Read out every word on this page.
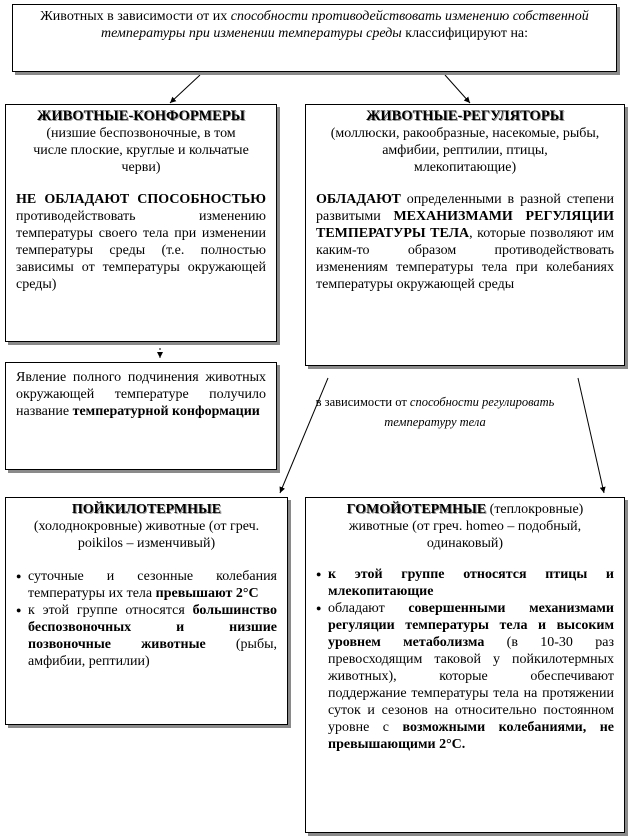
Животных в зависимости от их способности противодействовать изменению собственной температуры при изменении температуры среды классифицируют на:

ЖИВОТНЫЕ-КОНФОРМЕРЫ

(низшие беспозвоночные, в том числе плоские, круглые и кольчатые черви)

НЕ ОБЛАДАЮТ СПОСОБНОСТЬЮ противодействовать изменению температуры своего тела при изменении температуры среды (т.е. полностью зависимы от температуры окружающей среды)

ЖИВОТНЫЕ-РЕГУЛЯТОРЫ

(моллюски, ракообразные, насекомые, рыбы, амфибии, рептилии, птицы, млекопитающие)

ОБЛАДАЮТ определенными в разной степени развитыми МЕХАНИЗМАМИ РЕГУЛЯЦИИ ТЕМПЕРАТУРЫ ТЕЛА, которые позволяют им каким-то образом противодействовать изменениям температуры тела при колебаниях температуры окружающей среды

Явление полного подчинения животных окружающей температуре получило название температурной конформации

в зависимости от способности регулировать температуру тела

ПОЙКИЛОТЕРМНЫЕ
(холоднокровные) животные (от греч. poikilos – изменчивый)

● суточные и сезонные колебания температуры их тела превышают 2°С
● к этой группе относятся большинство беспозвоночных и низшие позвоночные животные (рыбы, амфибии, рептилии)

ГОМОЙОТЕРМНЫЕ (теплокровные) животные (от греч. homeo – подобный, одинаковый)

● к этой группе относятся птицы и млекопитающие
● обладают совершенными механизмами регуляции температуры тела и высоким уровнем метаболизма (в 10-30 раз превосходящим таковой у пойкилотермных животных), которые обеспечивают поддержание температуры тела на протяжении суток и сезонов на относительно постоянном уровне с возможными колебаниями, не превышающими 2°С.
